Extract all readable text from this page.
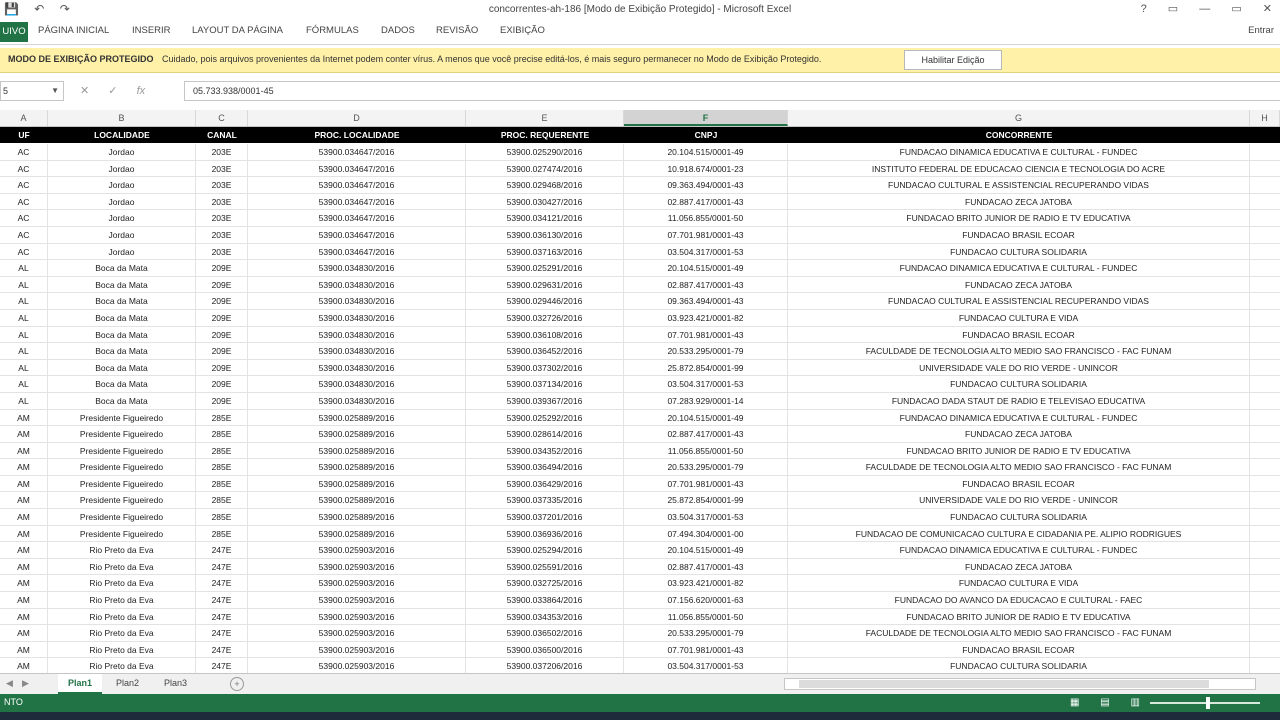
💾 ↶ ↷	concorrentes-ah-186 [Modo de Exibição Protegido] - Microsoft Excel	? ▭ — ▭ ✕
UIVO PÁGINA INICIAL INSERIR LAYOUT DA PÁGINA FÓRMULAS DADOS REVISÃO EXIBIÇÃO	Entrar
MODO DE EXIBIÇÃO PROTEGIDO Cuidado, pois arquivos provenientes da Internet podem conter vírus. A menos que você precise editá-los, é mais seguro permanecer no Modo de Exibição Protegido.	Habilitar Edição
5	▼ ✕ ✓ fx	05.733.938/0001-45
A	B	C	D	E	F	G	H
UF	LOCALIDADE	CANAL	PROC. LOCALIDADE	PROC. REQUERENTE	CNPJ	CONCORRENTE
AC	Jordao	203E	53900.034647/2016	53900.025290/2016	20.104.515/0001-49	FUNDACAO DINAMICA EDUCATIVA E CULTURAL - FUNDEC
AC	Jordao	203E	53900.034647/2016	53900.027474/2016	10.918.674/0001-23	INSTITUTO FEDERAL DE EDUCACAO CIENCIA E TECNOLOGIA DO ACRE
AC	Jordao	203E	53900.034647/2016	53900.029468/2016	09.363.494/0001-43	FUNDACAO CULTURAL E ASSISTENCIAL RECUPERANDO VIDAS
AC	Jordao	203E	53900.034647/2016	53900.030427/2016	02.887.417/0001-43	FUNDACAO ZECA JATOBA
AC	Jordao	203E	53900.034647/2016	53900.034121/2016	11.056.855/0001-50	FUNDACAO BRITO JUNIOR DE RADIO E TV EDUCATIVA
AC	Jordao	203E	53900.034647/2016	53900.036130/2016	07.701.981/0001-43	FUNDACAO BRASIL ECOAR
AC	Jordao	203E	53900.034647/2016	53900.037163/2016	03.504.317/0001-53	FUNDACAO CULTURA SOLIDARIA
AL	Boca da Mata	209E	53900.034830/2016	53900.025291/2016	20.104.515/0001-49	FUNDACAO DINAMICA EDUCATIVA E CULTURAL - FUNDEC
AL	Boca da Mata	209E	53900.034830/2016	53900.029631/2016	02.887.417/0001-43	FUNDACAO ZECA JATOBA
AL	Boca da Mata	209E	53900.034830/2016	53900.029446/2016	09.363.494/0001-43	FUNDACAO CULTURAL E ASSISTENCIAL RECUPERANDO VIDAS
AL	Boca da Mata	209E	53900.034830/2016	53900.032726/2016	03.923.421/0001-82	FUNDACAO CULTURA E VIDA
AL	Boca da Mata	209E	53900.034830/2016	53900.036108/2016	07.701.981/0001-43	FUNDACAO BRASIL ECOAR
AL	Boca da Mata	209E	53900.034830/2016	53900.036452/2016	20.533.295/0001-79	FACULDADE DE TECNOLOGIA ALTO MEDIO SAO FRANCISCO - FAC FUNAM
AL	Boca da Mata	209E	53900.034830/2016	53900.037302/2016	25.872.854/0001-99	UNIVERSIDADE VALE DO RIO VERDE - UNINCOR
AL	Boca da Mata	209E	53900.034830/2016	53900.037134/2016	03.504.317/0001-53	FUNDACAO CULTURA SOLIDARIA
AL	Boca da Mata	209E	53900.034830/2016	53900.039367/2016	07.283.929/0001-14	FUNDACAO DADA STAUT DE RADIO E TELEVISAO EDUCATIVA
AM	Presidente Figueiredo	285E	53900.025889/2016	53900.025292/2016	20.104.515/0001-49	FUNDACAO DINAMICA EDUCATIVA E CULTURAL - FUNDEC
AM	Presidente Figueiredo	285E	53900.025889/2016	53900.028614/2016	02.887.417/0001-43	FUNDACAO ZECA JATOBA
AM	Presidente Figueiredo	285E	53900.025889/2016	53900.034352/2016	11.056.855/0001-50	FUNDACAO BRITO JUNIOR DE RADIO E TV EDUCATIVA
AM	Presidente Figueiredo	285E	53900.025889/2016	53900.036494/2016	20.533.295/0001-79	FACULDADE DE TECNOLOGIA ALTO MEDIO SAO FRANCISCO - FAC FUNAM
AM	Presidente Figueiredo	285E	53900.025889/2016	53900.036429/2016	07.701.981/0001-43	FUNDACAO BRASIL ECOAR
AM	Presidente Figueiredo	285E	53900.025889/2016	53900.037335/2016	25.872.854/0001-99	UNIVERSIDADE VALE DO RIO VERDE - UNINCOR
AM	Presidente Figueiredo	285E	53900.025889/2016	53900.037201/2016	03.504.317/0001-53	FUNDACAO CULTURA SOLIDARIA
AM	Presidente Figueiredo	285E	53900.025889/2016	53900.036936/2016	07.494.304/0001-00	FUNDACAO DE COMUNICACAO CULTURA E CIDADANIA PE. ALIPIO RODRIGUES
AM	Rio Preto da Eva	247E	53900.025903/2016	53900.025294/2016	20.104.515/0001-49	FUNDACAO DINAMICA EDUCATIVA E CULTURAL - FUNDEC
AM	Rio Preto da Eva	247E	53900.025903/2016	53900.025591/2016	02.887.417/0001-43	FUNDACAO ZECA JATOBA
AM	Rio Preto da Eva	247E	53900.025903/2016	53900.032725/2016	03.923.421/0001-82	FUNDACAO CULTURA E VIDA
AM	Rio Preto da Eva	247E	53900.025903/2016	53900.033864/2016	07.156.620/0001-63	FUNDACAO DO AVANCO DA EDUCACAO E CULTURAL - FAEC
AM	Rio Preto da Eva	247E	53900.025903/2016	53900.034353/2016	11.056.855/0001-50	FUNDACAO BRITO JUNIOR DE RADIO E TV EDUCATIVA
AM	Rio Preto da Eva	247E	53900.025903/2016	53900.036502/2016	20.533.295/0001-79	FACULDADE DE TECNOLOGIA ALTO MEDIO SAO FRANCISCO - FAC FUNAM
AM	Rio Preto da Eva	247E	53900.025903/2016	53900.036500/2016	07.701.981/0001-43	FUNDACAO BRASIL ECOAR
AM	Rio Preto da Eva	247E	53900.025903/2016	53900.037206/2016	03.504.317/0001-53	FUNDACAO CULTURA SOLIDARIA
◀ ▶	Plan1	Plan2	Plan3	+
NTO	▦ ▤ ▥
